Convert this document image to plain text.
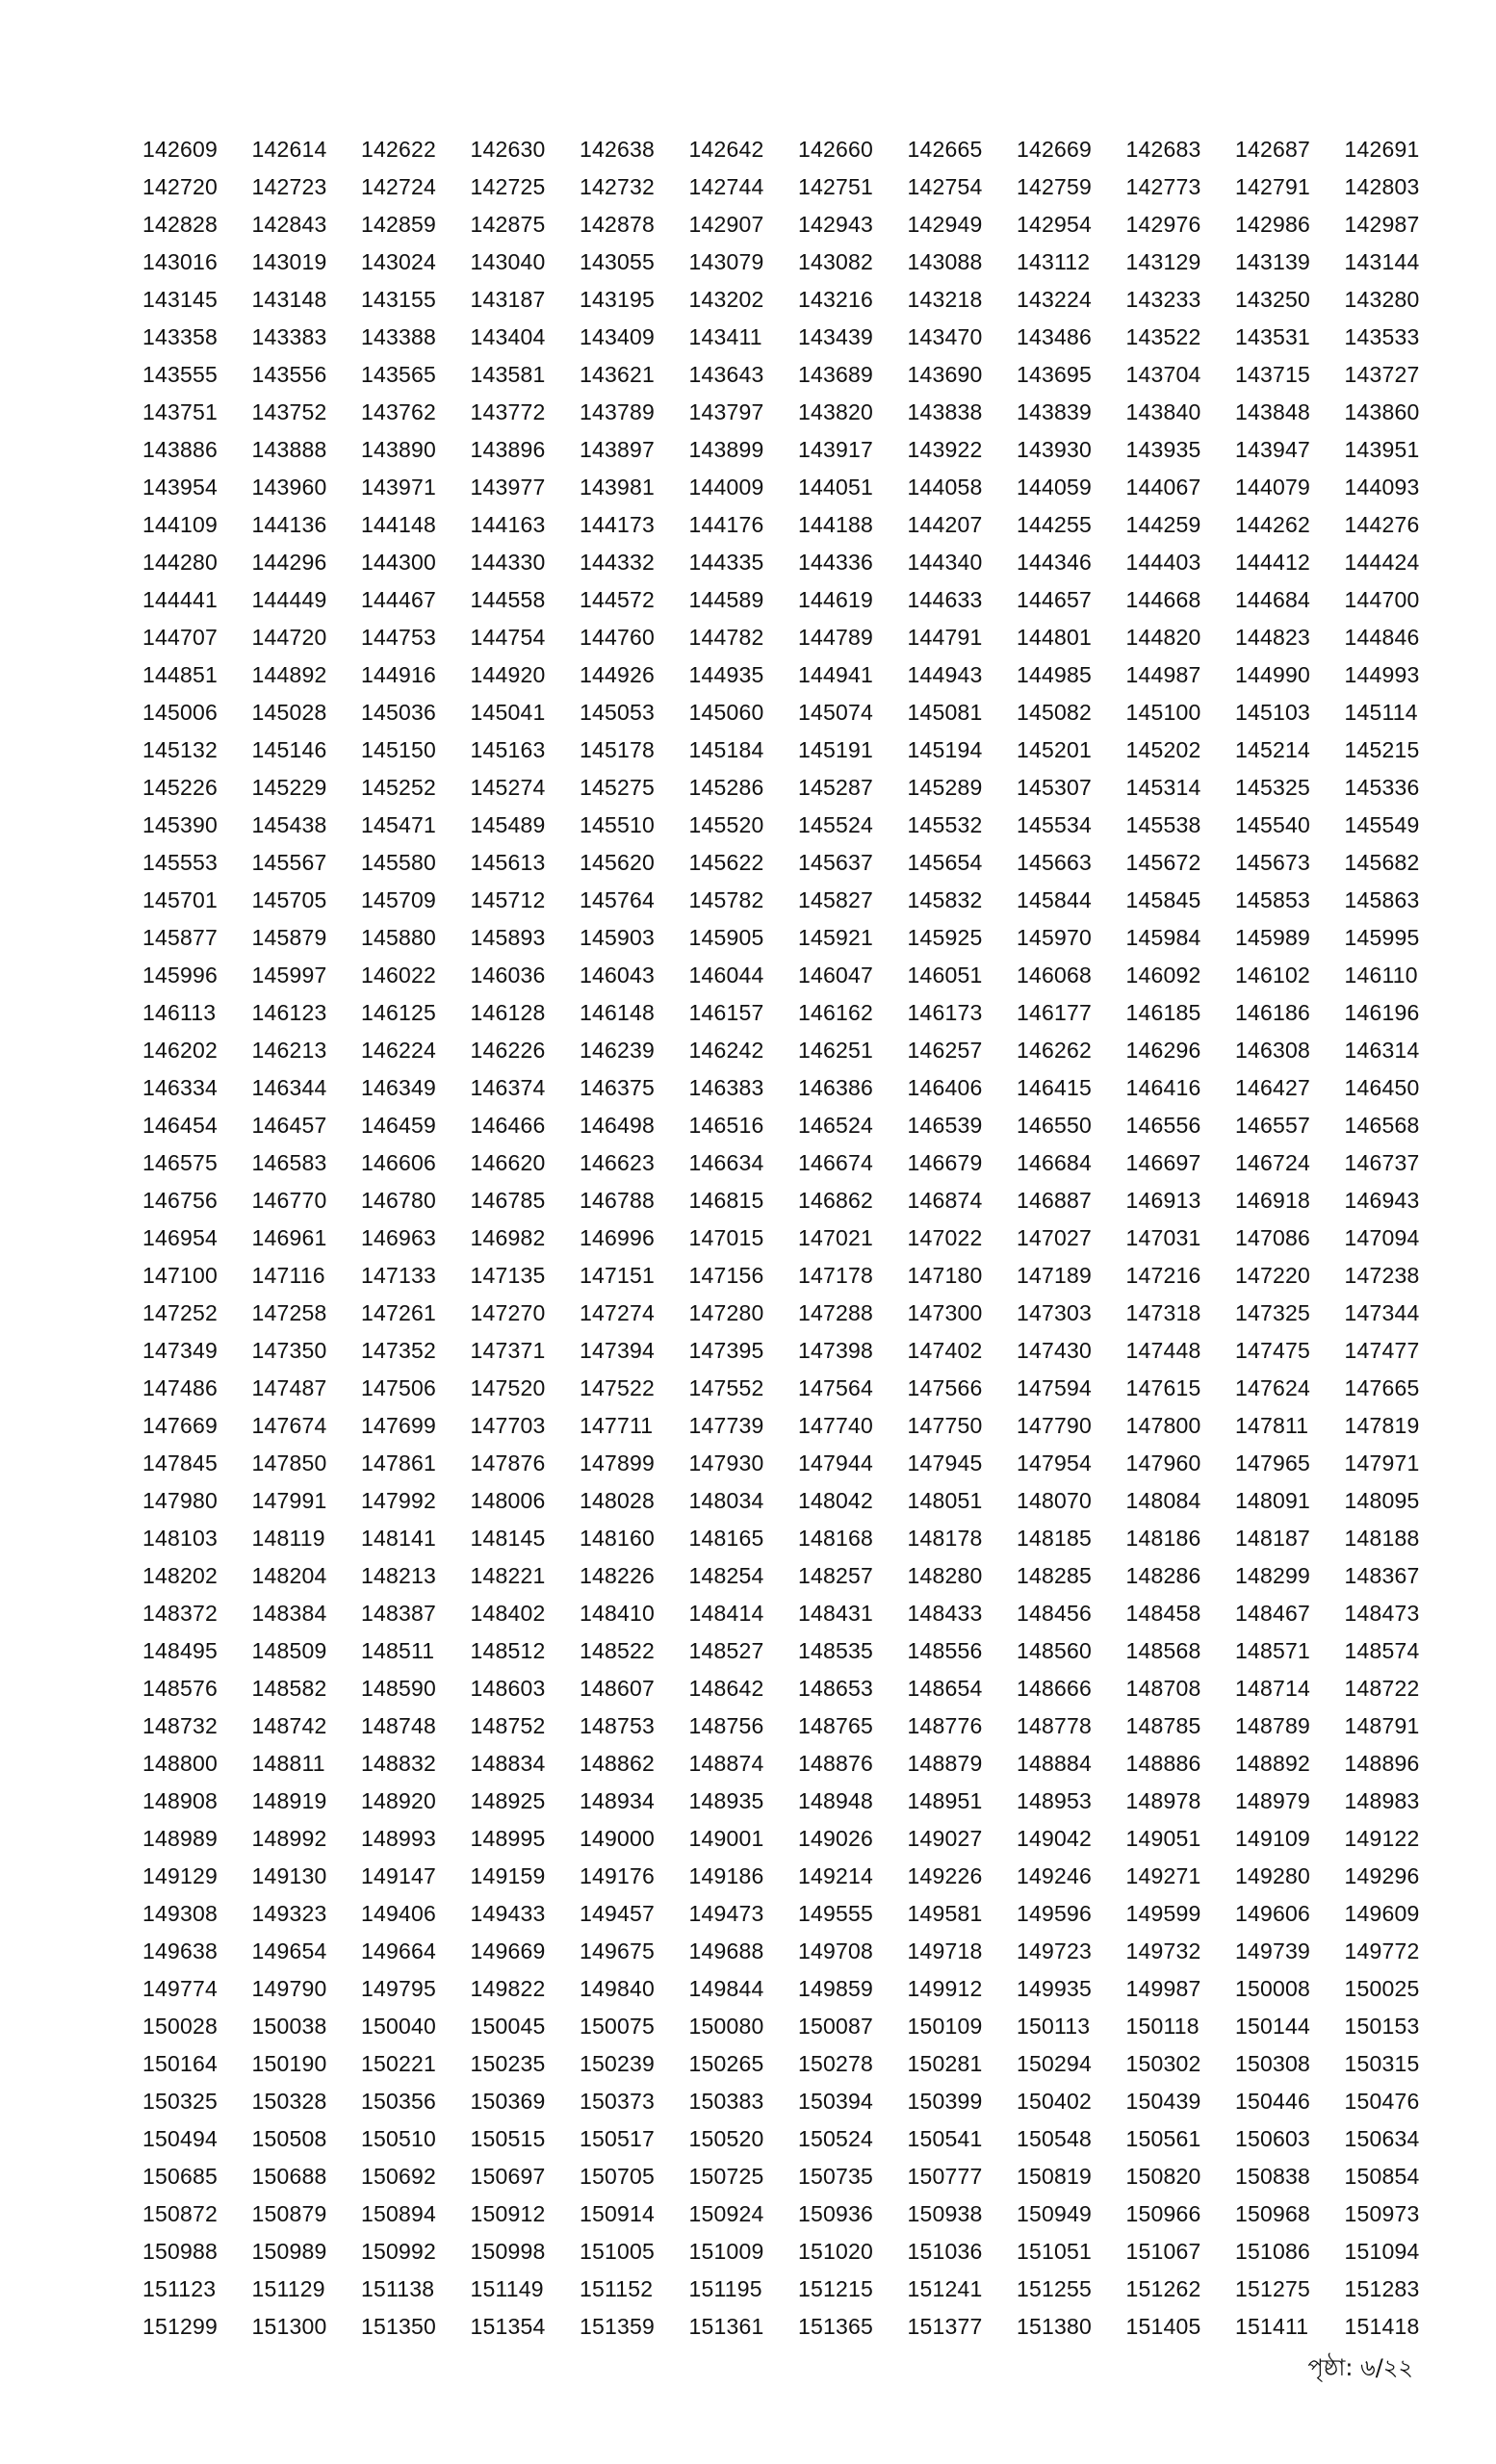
142609	142614	142622	142630	142638	142642	142660	142665	142669	142683	142687	142691
142720	142723	142724	142725	142732	142744	142751	142754	142759	142773	142791	142803
142828	142843	142859	142875	142878	142907	142943	142949	142954	142976	142986	142987
143016	143019	143024	143040	143055	143079	143082	143088	143112	143129	143139	143144
143145	143148	143155	143187	143195	143202	143216	143218	143224	143233	143250	143280
143358	143383	143388	143404	143409	143411	143439	143470	143486	143522	143531	143533
143555	143556	143565	143581	143621	143643	143689	143690	143695	143704	143715	143727
143751	143752	143762	143772	143789	143797	143820	143838	143839	143840	143848	143860
143886	143888	143890	143896	143897	143899	143917	143922	143930	143935	143947	143951
143954	143960	143971	143977	143981	144009	144051	144058	144059	144067	144079	144093
144109	144136	144148	144163	144173	144176	144188	144207	144255	144259	144262	144276
144280	144296	144300	144330	144332	144335	144336	144340	144346	144403	144412	144424
144441	144449	144467	144558	144572	144589	144619	144633	144657	144668	144684	144700
144707	144720	144753	144754	144760	144782	144789	144791	144801	144820	144823	144846
144851	144892	144916	144920	144926	144935	144941	144943	144985	144987	144990	144993
145006	145028	145036	145041	145053	145060	145074	145081	145082	145100	145103	145114
145132	145146	145150	145163	145178	145184	145191	145194	145201	145202	145214	145215
145226	145229	145252	145274	145275	145286	145287	145289	145307	145314	145325	145336
145390	145438	145471	145489	145510	145520	145524	145532	145534	145538	145540	145549
145553	145567	145580	145613	145620	145622	145637	145654	145663	145672	145673	145682
145701	145705	145709	145712	145764	145782	145827	145832	145844	145845	145853	145863
145877	145879	145880	145893	145903	145905	145921	145925	145970	145984	145989	145995
145996	145997	146022	146036	146043	146044	146047	146051	146068	146092	146102	146110
146113	146123	146125	146128	146148	146157	146162	146173	146177	146185	146186	146196
146202	146213	146224	146226	146239	146242	146251	146257	146262	146296	146308	146314
146334	146344	146349	146374	146375	146383	146386	146406	146415	146416	146427	146450
146454	146457	146459	146466	146498	146516	146524	146539	146550	146556	146557	146568
146575	146583	146606	146620	146623	146634	146674	146679	146684	146697	146724	146737
146756	146770	146780	146785	146788	146815	146862	146874	146887	146913	146918	146943
146954	146961	146963	146982	146996	147015	147021	147022	147027	147031	147086	147094
147100	147116	147133	147135	147151	147156	147178	147180	147189	147216	147220	147238
147252	147258	147261	147270	147274	147280	147288	147300	147303	147318	147325	147344
147349	147350	147352	147371	147394	147395	147398	147402	147430	147448	147475	147477
147486	147487	147506	147520	147522	147552	147564	147566	147594	147615	147624	147665
147669	147674	147699	147703	147711	147739	147740	147750	147790	147800	147811	147819
147845	147850	147861	147876	147899	147930	147944	147945	147954	147960	147965	147971
147980	147991	147992	148006	148028	148034	148042	148051	148070	148084	148091	148095
148103	148119	148141	148145	148160	148165	148168	148178	148185	148186	148187	148188
148202	148204	148213	148221	148226	148254	148257	148280	148285	148286	148299	148367
148372	148384	148387	148402	148410	148414	148431	148433	148456	148458	148467	148473
148495	148509	148511	148512	148522	148527	148535	148556	148560	148568	148571	148574
148576	148582	148590	148603	148607	148642	148653	148654	148666	148708	148714	148722
148732	148742	148748	148752	148753	148756	148765	148776	148778	148785	148789	148791
148800	148811	148832	148834	148862	148874	148876	148879	148884	148886	148892	148896
148908	148919	148920	148925	148934	148935	148948	148951	148953	148978	148979	148983
148989	148992	148993	148995	149000	149001	149026	149027	149042	149051	149109	149122
149129	149130	149147	149159	149176	149186	149214	149226	149246	149271	149280	149296
149308	149323	149406	149433	149457	149473	149555	149581	149596	149599	149606	149609
149638	149654	149664	149669	149675	149688	149708	149718	149723	149732	149739	149772
149774	149790	149795	149822	149840	149844	149859	149912	149935	149987	150008	150025
150028	150038	150040	150045	150075	150080	150087	150109	150113	150118	150144	150153
150164	150190	150221	150235	150239	150265	150278	150281	150294	150302	150308	150315
150325	150328	150356	150369	150373	150383	150394	150399	150402	150439	150446	150476
150494	150508	150510	150515	150517	150520	150524	150541	150548	150561	150603	150634
150685	150688	150692	150697	150705	150725	150735	150777	150819	150820	150838	150854
150872	150879	150894	150912	150914	150924	150936	150938	150949	150966	150968	150973
150988	150989	150992	150998	151005	151009	151020	151036	151051	151067	151086	151094
151123	151129	151138	151149	151152	151195	151215	151241	151255	151262	151275	151283
151299	151300	151350	151354	151359	151361	151365	151377	151380	151405	151411	151418
পৃষ্ঠা: ৬/২২
